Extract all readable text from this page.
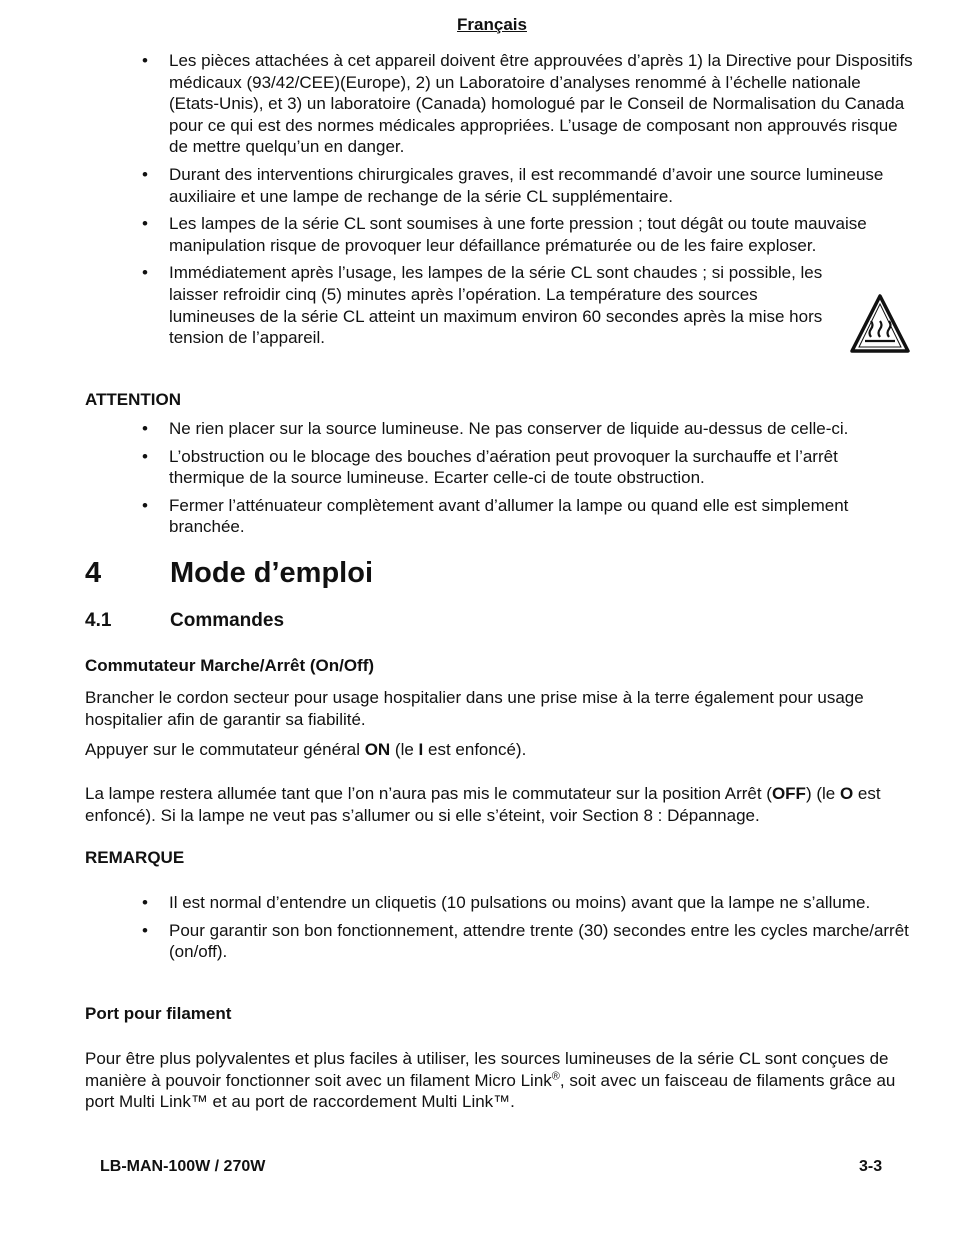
Français
• Les pièces attachées à cet appareil doivent être approuvées d’après 1) la Directive pour Dispositifs médicaux (93/42/CEE)(Europe), 2) un Laboratoire d’analyses renommé à l’échelle nationale (Etats-Unis), et 3) un laboratoire (Canada) homologué par le Conseil de Normalisation du Canada pour ce qui est des normes médicales appropriées. L’usage de composant non approuvés risque de mettre quelqu’un en danger.
• Durant des interventions chirurgicales graves, il est recommandé d’avoir une source lumineuse auxiliaire et une lampe de rechange de la série CL supplémentaire.
• Les lampes de la série CL sont soumises à une forte pression ; tout dégât ou toute mauvaise manipulation risque de provoquer leur défaillance prématurée ou de les faire exploser.
• Immédiatement après l’usage, les lampes de la série CL sont chaudes ; si possible, les laisser refroidir cinq (5) minutes après l’opération. La température des sources lumineuses de la série CL atteint un maximum environ 60 secondes après la mise hors tension de l’appareil.
ATTENTION
• Ne rien placer sur la source lumineuse. Ne pas conserver de liquide au-dessus de celle-ci.
• L’obstruction ou le blocage des bouches d’aération peut provoquer la surchauffe et l’arrêt thermique de la source lumineuse. Ecarter celle-ci de toute obstruction.
• Fermer l’atténuateur complètement avant d’allumer la lampe ou quand elle est simplement branchée.
4 Mode d’emploi
4.1	Commandes
Commutateur Marche/Arrêt (On/Off)

Brancher le cordon secteur pour usage hospitalier dans une prise mise à la terre également pour usage hospitalier afin de garantir sa fiabilité.

Appuyer sur le commutateur général ON (le I est enfoncé).

La lampe restera allumée tant que l’on n’aura pas mis le commutateur sur la position Arrêt (OFF) (le O est enfoncé). Si la lampe ne veut pas s’allumer ou si elle s’éteint, voir Section 8 : Dépannage.

REMARQUE
• Il est normal d’entendre un cliquetis (10 pulsations ou moins) avant que la lampe ne s’allume.
• Pour garantir son bon fonctionnement, attendre trente (30) secondes entre les cycles marche/arrêt (on/off).
Port pour filament

Pour être plus polyvalentes et plus faciles à utiliser, les sources lumineuses de la série CL sont conçues de manière à pouvoir fonctionner soit avec un filament Micro Link®, soit avec un faisceau de filaments grâce au port Multi Link™ et au port de raccordement Multi Link™.

LB-MAN-100W / 270W	3-3
